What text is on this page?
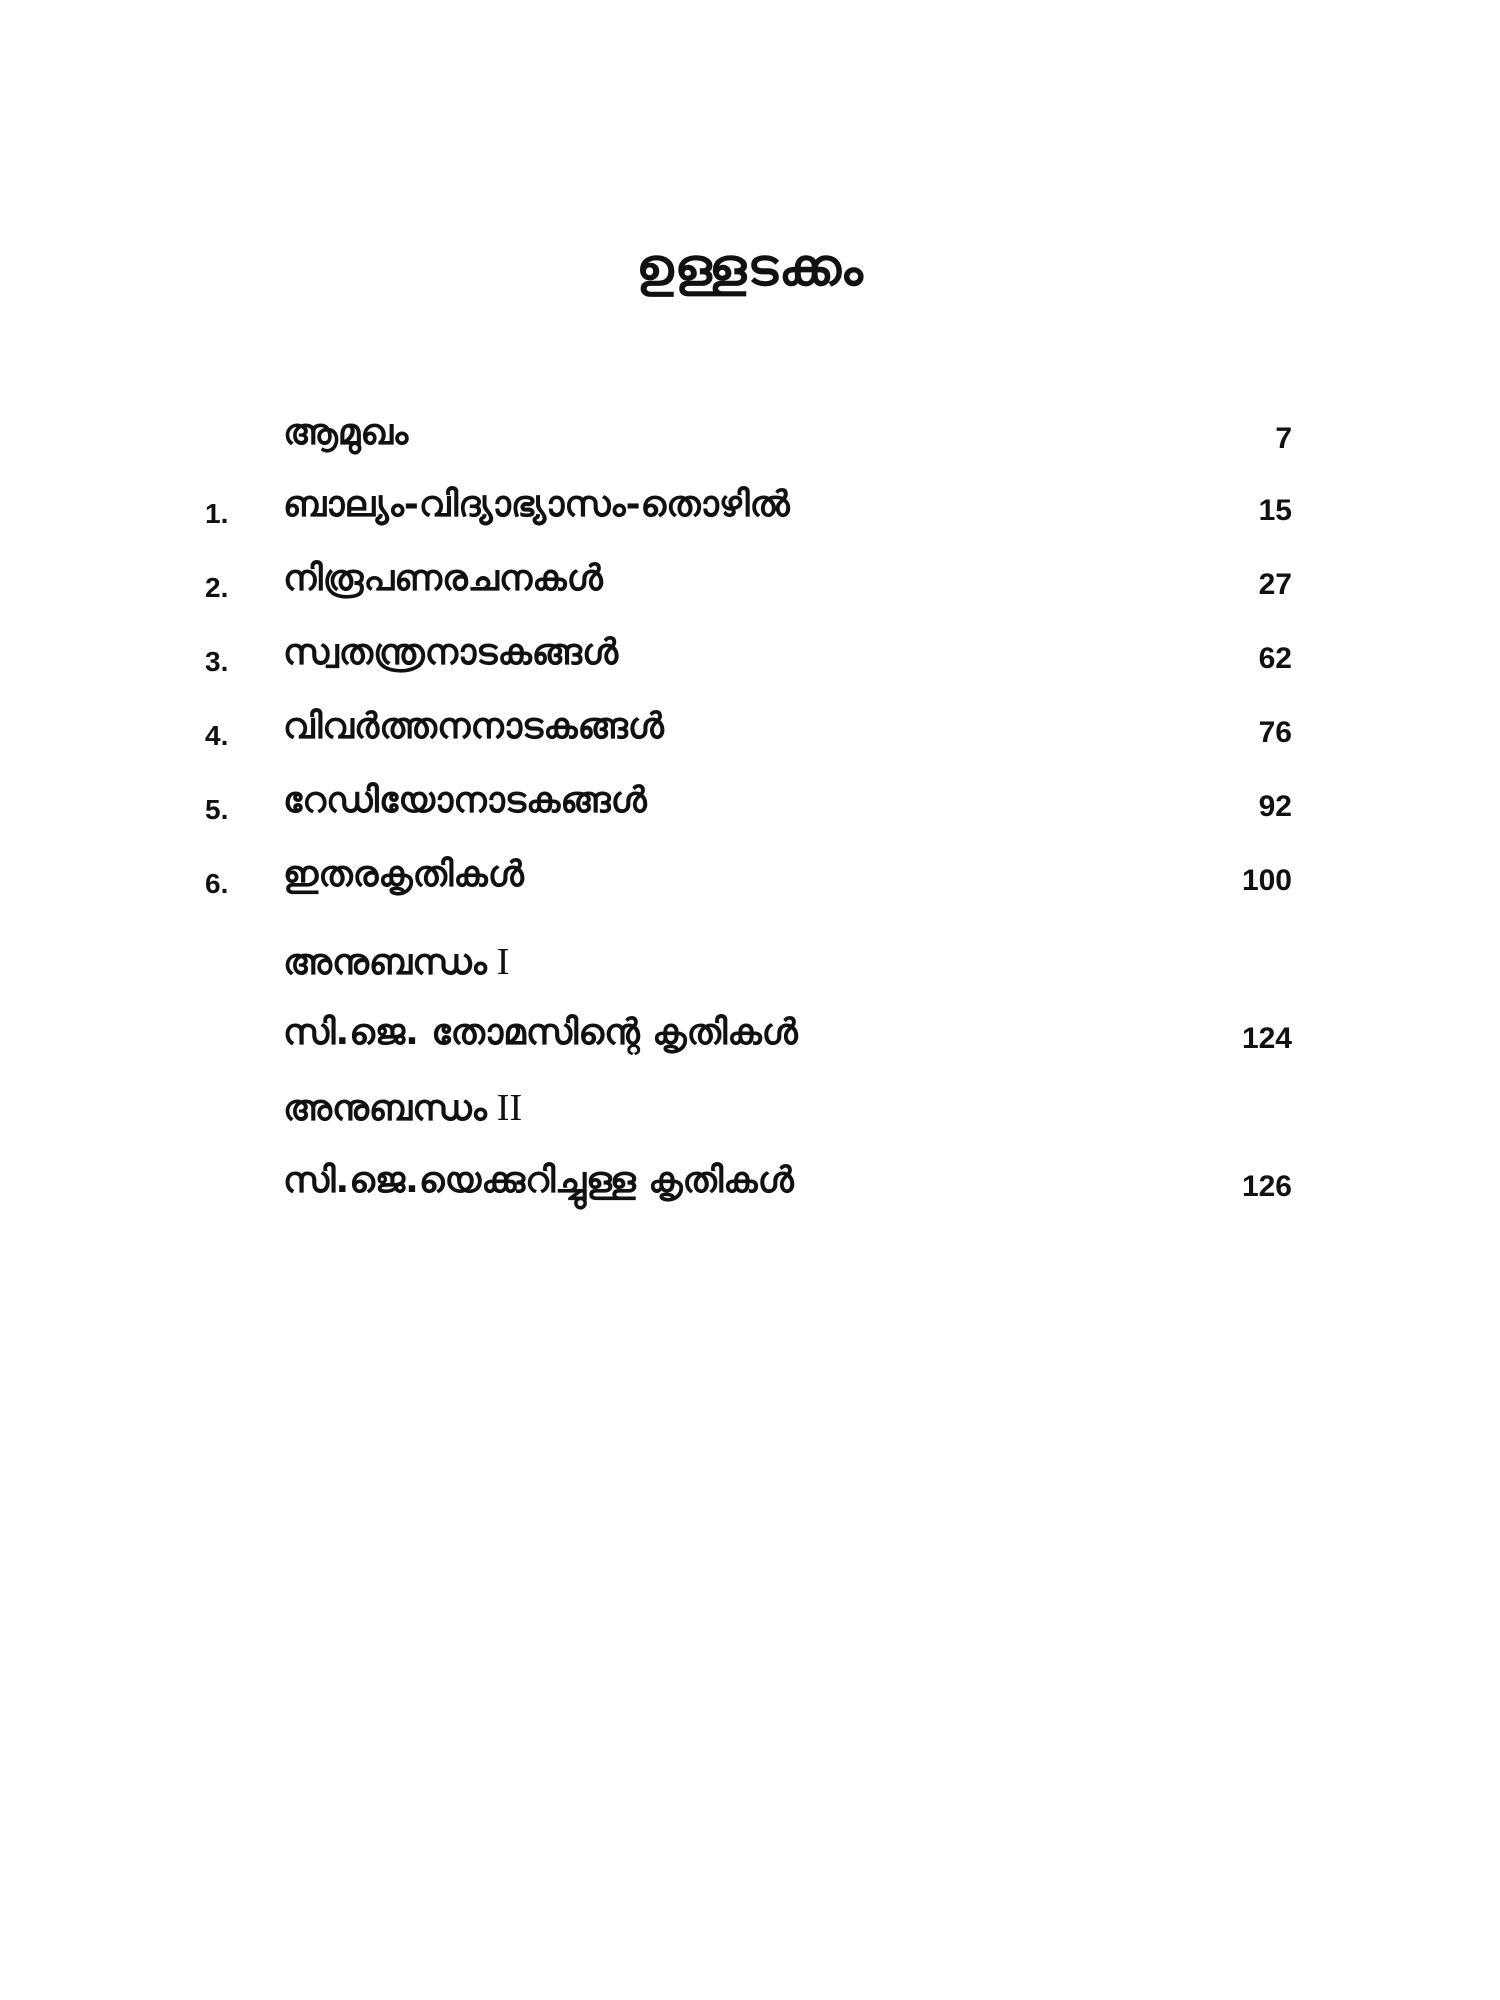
ഉള്ളടക്കം
ആമുഖം	7
1.	ബാല്യം-വിദ്യാഭ്യാസം-തൊഴിൽ	15
2.	നിരൂപണരചനകൾ	27
3.	സ്വതന്ത്രനാടകങ്ങൾ	62
4.	വിവർത്തനനാടകങ്ങൾ	76
5.	റേഡിയോനാടകങ്ങൾ	92
6.	ഇതരകൃതികൾ	100
അനുബന്ധം I
സി.ജെ. തോമസിന്റെ കൃതികൾ	124
അനുബന്ധം II
സി.ജെ.യെക്കുറിച്ചുള്ള കൃതികൾ	126
